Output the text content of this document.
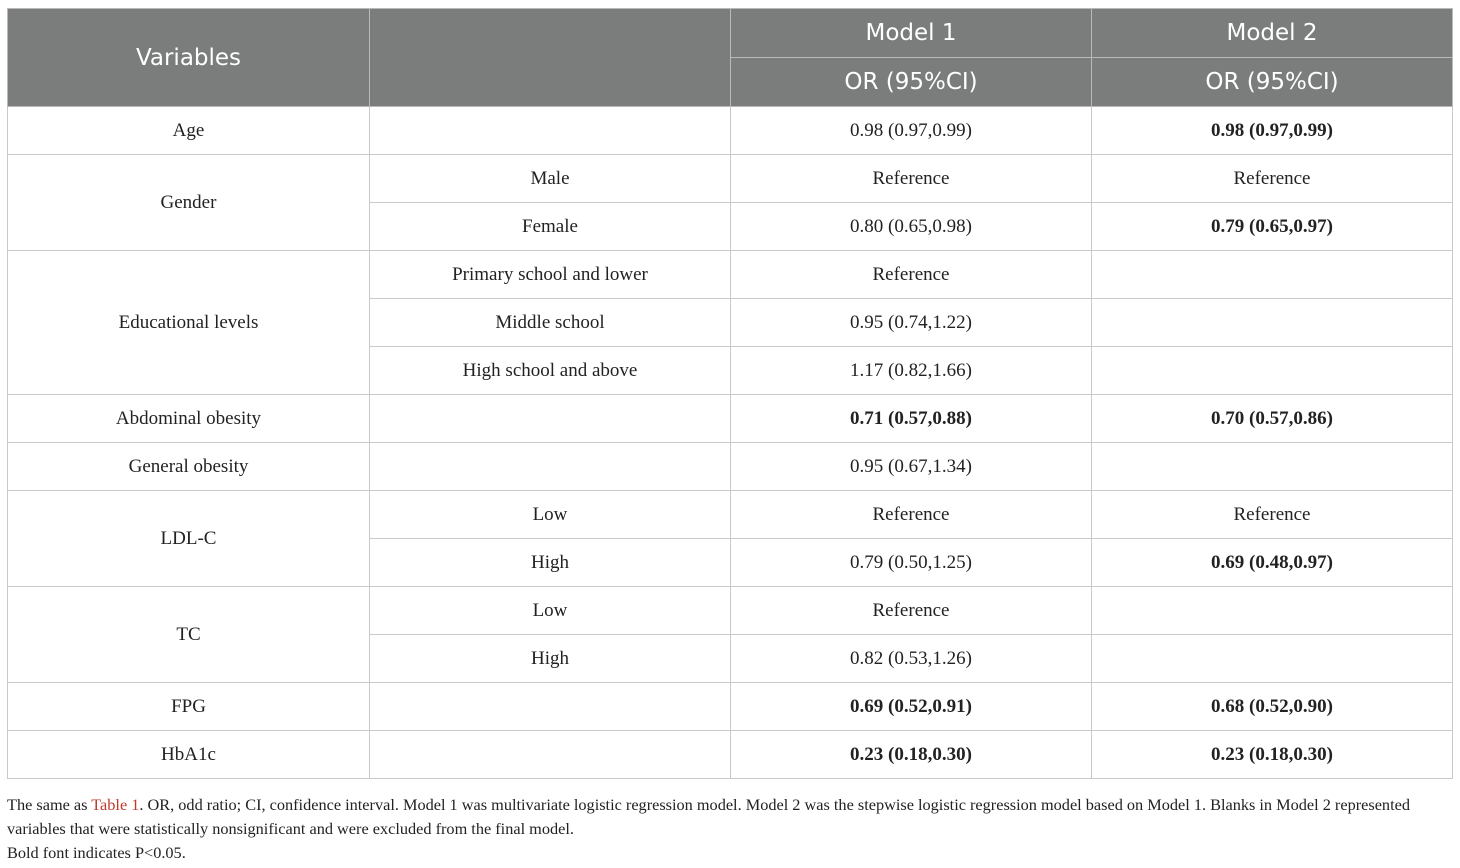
Variables		Model 1	Model 2
		OR (95%CI)	OR (95%CI)
Age		0.98 (0.97,0.99)	0.98 (0.97,0.99)
Gender	Male	Reference	Reference
	Female	0.80 (0.65,0.98)	0.79 (0.65,0.97)
Educational levels	Primary school and lower	Reference	
	Middle school	0.95 (0.74,1.22)	
	High school and above	1.17 (0.82,1.66)	
Abdominal obesity		0.71 (0.57,0.88)	0.70 (0.57,0.86)
General obesity		0.95 (0.67,1.34)	
LDL-C	Low	Reference	Reference
	High	0.79 (0.50,1.25)	0.69 (0.48,0.97)
TC	Low	Reference	
	High	0.82 (0.53,1.26)	
FPG		0.69 (0.52,0.91)	0.68 (0.52,0.90)
HbA1c		0.23 (0.18,0.30)	0.23 (0.18,0.30)
The same as Table 1. OR, odd ratio; CI, confidence interval. Model 1 was multivariate logistic regression model. Model 2 was the stepwise logistic regression model based on Model 1. Blanks in Model 2 represented variables that were statistically nonsignificant and were excluded from the final model.
Bold font indicates P<0.05.
